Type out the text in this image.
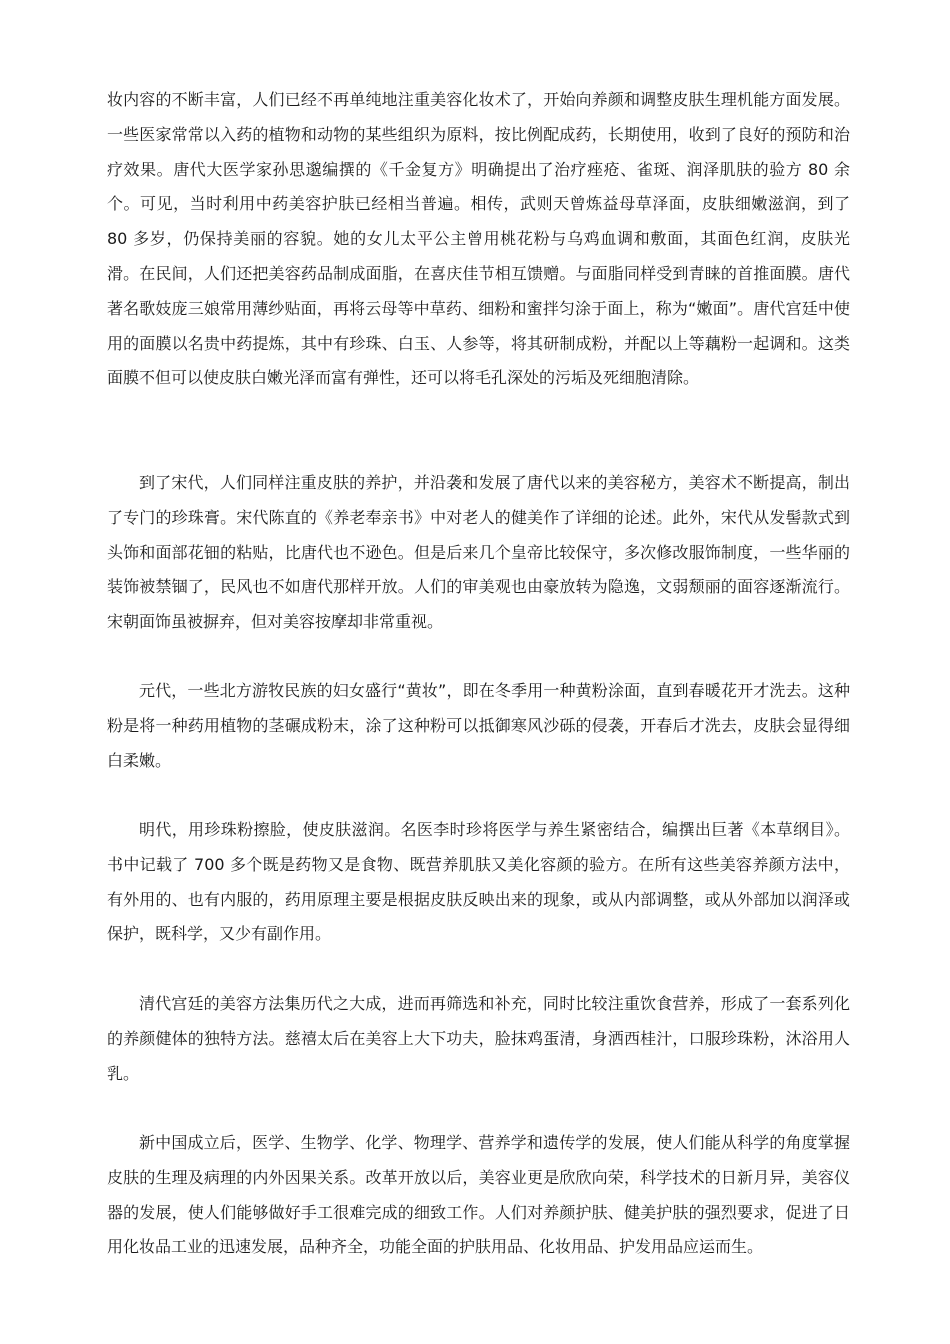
妆内容的不断丰富，人们已经不再单纯地注重美容化妆术了，开始向养颜和调整皮肤生理机能方面发展。一些医家常常以入药的植物和动物的某些组织为原料，按比例配成药，长期使用，收到了良好的预防和治疗效果。唐代大医学家孙思邈编撰的《千金复方》明确提出了治疗痤疮、雀斑、润泽肌肤的验方 80 余个。可见，当时利用中药美容护肤已经相当普遍。相传，武则天曾炼益母草泽面，皮肤细嫩滋润，到了 80 多岁，仍保持美丽的容貌。她的女儿太平公主曾用桃花粉与乌鸡血调和敷面，其面色红润，皮肤光滑。在民间，人们还把美容药品制成面脂，在喜庆佳节相互馈赠。与面脂同样受到青睐的首推面膜。唐代著名歌妓庞三娘常用薄纱贴面，再将云母等中草药、细粉和蜜拌匀涂于面上，称为“嫩面”。唐代宫廷中使用的面膜以名贵中药提炼，其中有珍珠、白玉、人参等，将其研制成粉，并配以上等藕粉一起调和。这类面膜不但可以使皮肤白嫩光泽而富有弹性，还可以将毛孔深处的污垢及死细胞清除。

到了宋代，人们同样注重皮肤的养护，并沿袭和发展了唐代以来的美容秘方，美容术不断提高，制出了专门的珍珠膏。宋代陈直的《养老奉亲书》中对老人的健美作了详细的论述。此外，宋代从发髻款式到头饰和面部花钿的粘贴，比唐代也不逊色。但是后来几个皇帝比较保守，多次修改服饰制度，一些华丽的装饰被禁锢了，民风也不如唐代那样开放。人们的审美观也由豪放转为隐逸，文弱颓丽的面容逐渐流行。宋朝面饰虽被摒弃，但对美容按摩却非常重视。

元代，一些北方游牧民族的妇女盛行“黄妆”，即在冬季用一种黄粉涂面，直到春暖花开才洗去。这种粉是将一种药用植物的茎碾成粉末，涂了这种粉可以抵御寒风沙砾的侵袭，开春后才洗去，皮肤会显得细白柔嫩。

明代，用珍珠粉擦脸，使皮肤滋润。名医李时珍将医学与养生紧密结合，编撰出巨著《本草纲目》。书中记载了 700 多个既是药物又是食物、既营养肌肤又美化容颜的验方。在所有这些美容养颜方法中，有外用的、也有内服的，药用原理主要是根据皮肤反映出来的现象，或从内部调整，或从外部加以润泽或保护，既科学，又少有副作用。

清代宫廷的美容方法集历代之大成，进而再筛选和补充，同时比较注重饮食营养，形成了一套系列化的养颜健体的独特方法。慈禧太后在美容上大下功夫，脸抹鸡蛋清，身洒西桂汁，口服珍珠粉，沐浴用人乳。

新中国成立后，医学、生物学、化学、物理学、营养学和遗传学的发展，使人们能从科学的角度掌握皮肤的生理及病理的内外因果关系。改革开放以后，美容业更是欣欣向荣，科学技术的日新月异，美容仪器的发展，使人们能够做好手工很难完成的细致工作。人们对养颜护肤、健美护肤的强烈要求，促进了日用化妆品工业的迅速发展，品种齐全，功能全面的护肤用品、化妆用品、护发用品应运而生。
